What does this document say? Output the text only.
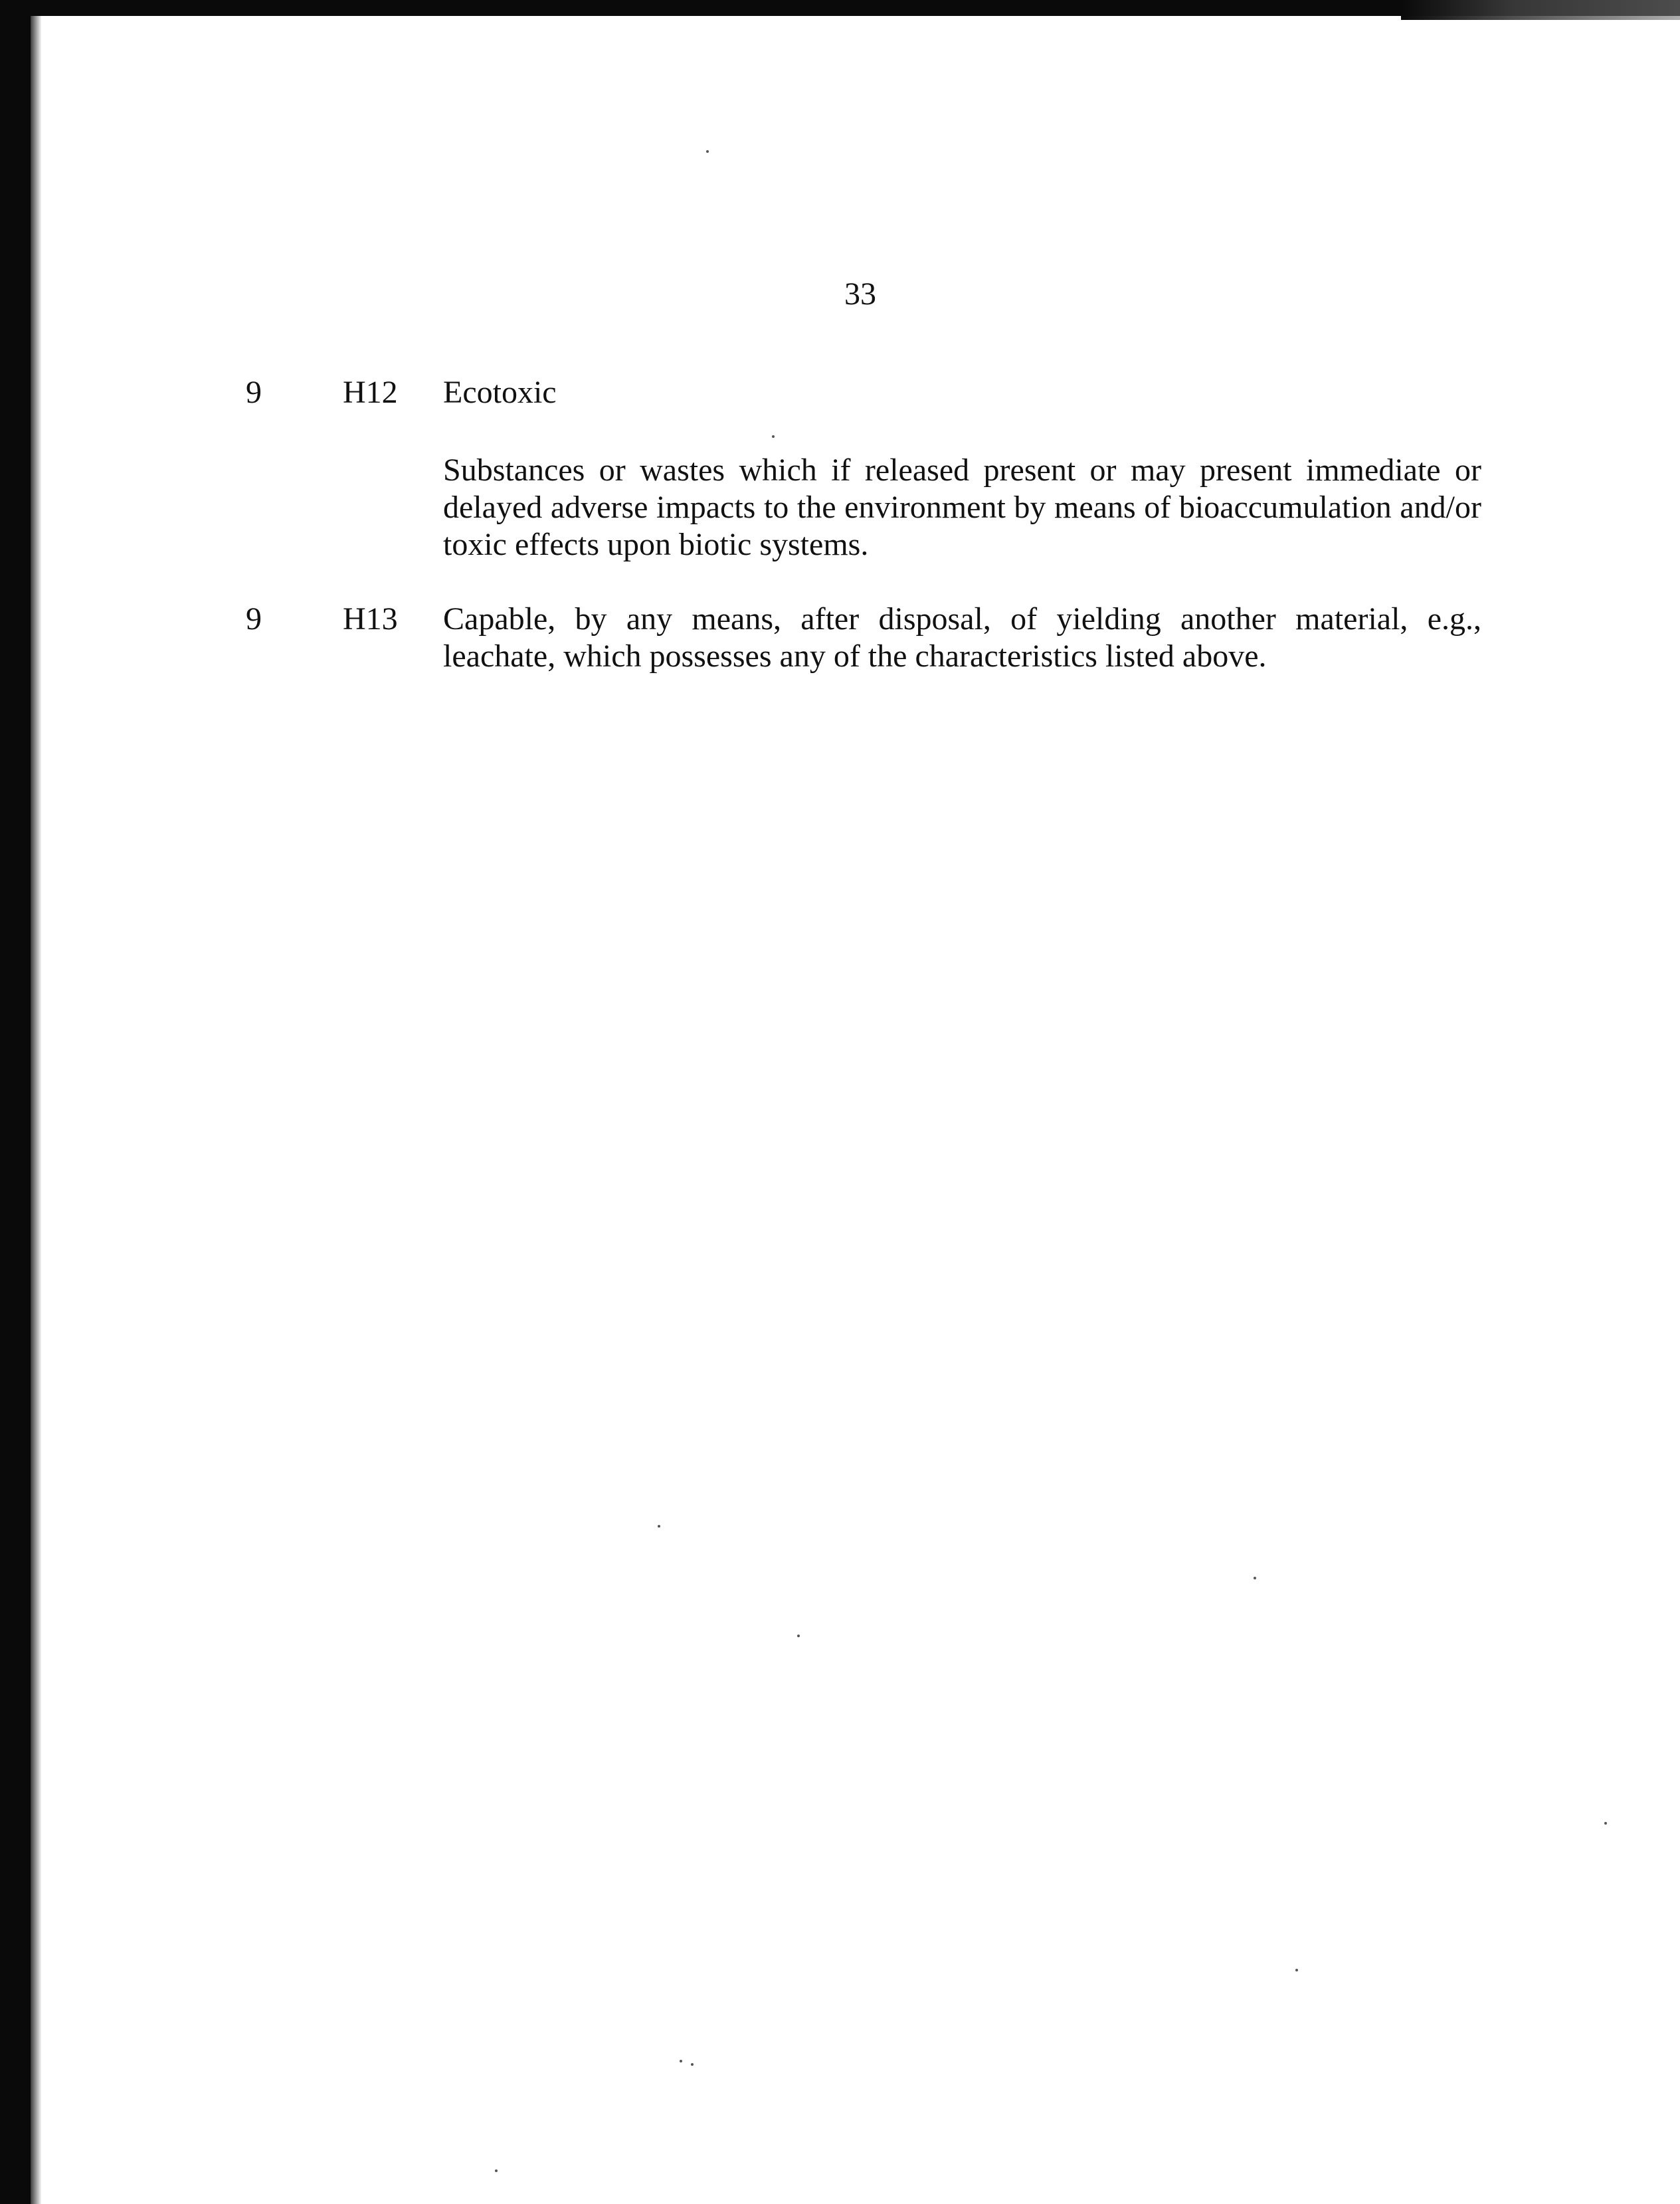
33
9	H12 Ecotoxic
Substances or wastes which if released present or may present immediate or delayed adverse impacts to the environment by means of bioaccumulation and/or toxic effects upon biotic systems.
9	H13 Capable, by any means, after disposal, of yielding another material, e.g., leachate, which possesses any of the characteristics listed above.
